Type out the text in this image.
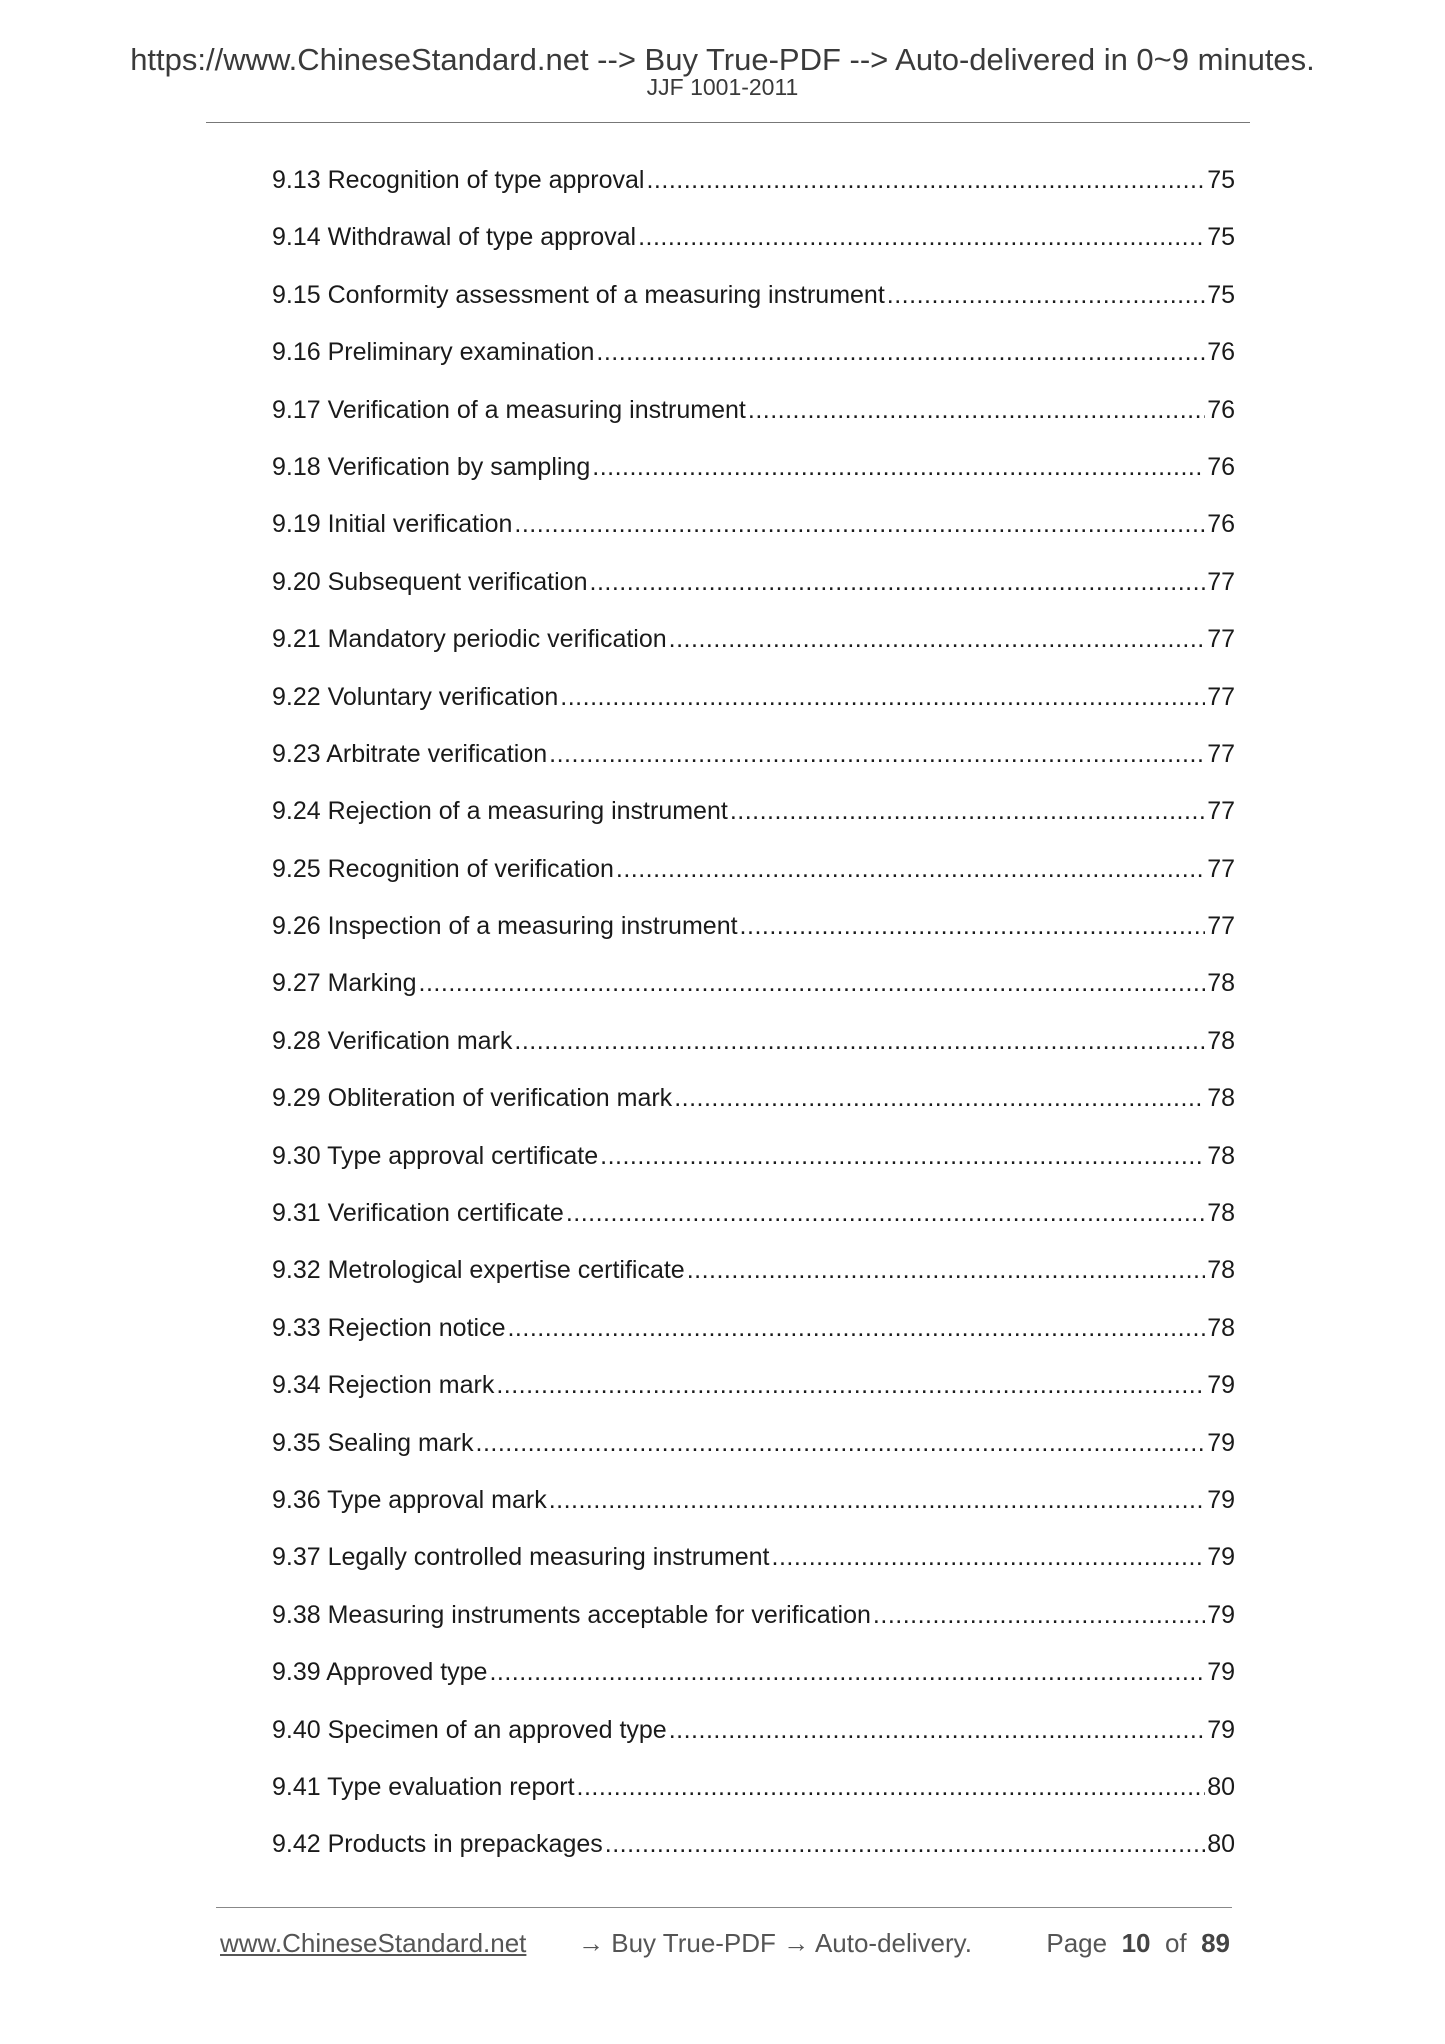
https://www.ChineseStandard.net --> Buy True-PDF --> Auto-delivered in 0~9 minutes.
JJF 1001-2011
9.13 Recognition of type approval .....	75
9.14 Withdrawal of type approval .....	75
9.15 Conformity assessment of a measuring instrument .....	75
9.16 Preliminary examination .....	76
9.17 Verification of a measuring instrument .....	76
9.18 Verification by sampling .....	76
9.19 Initial verification .....	76
9.20 Subsequent verification .....	77
9.21 Mandatory periodic verification .....	77
9.22 Voluntary verification .....	77
9.23 Arbitrate verification .....	77
9.24 Rejection of a measuring instrument .....	77
9.25 Recognition of verification .....	77
9.26 Inspection of a measuring instrument .....	77
9.27 Marking .....	78
9.28 Verification mark .....	78
9.29 Obliteration of verification mark .....	78
9.30 Type approval certificate .....	78
9.31 Verification certificate .....	78
9.32 Metrological expertise certificate .....	78
9.33 Rejection notice .....	78
9.34 Rejection mark .....	79
9.35 Sealing mark .....	79
9.36 Type approval mark .....	79
9.37 Legally controlled measuring instrument .....	79
9.38 Measuring instruments acceptable for verification .....	79
9.39 Approved type .....	79
9.40 Specimen of an approved type .....	79
9.41 Type evaluation report .....	80
9.42 Products in prepackages .....	80
www.ChineseStandard.net → Buy True-PDF → Auto-delivery.	Page 10 of 89
